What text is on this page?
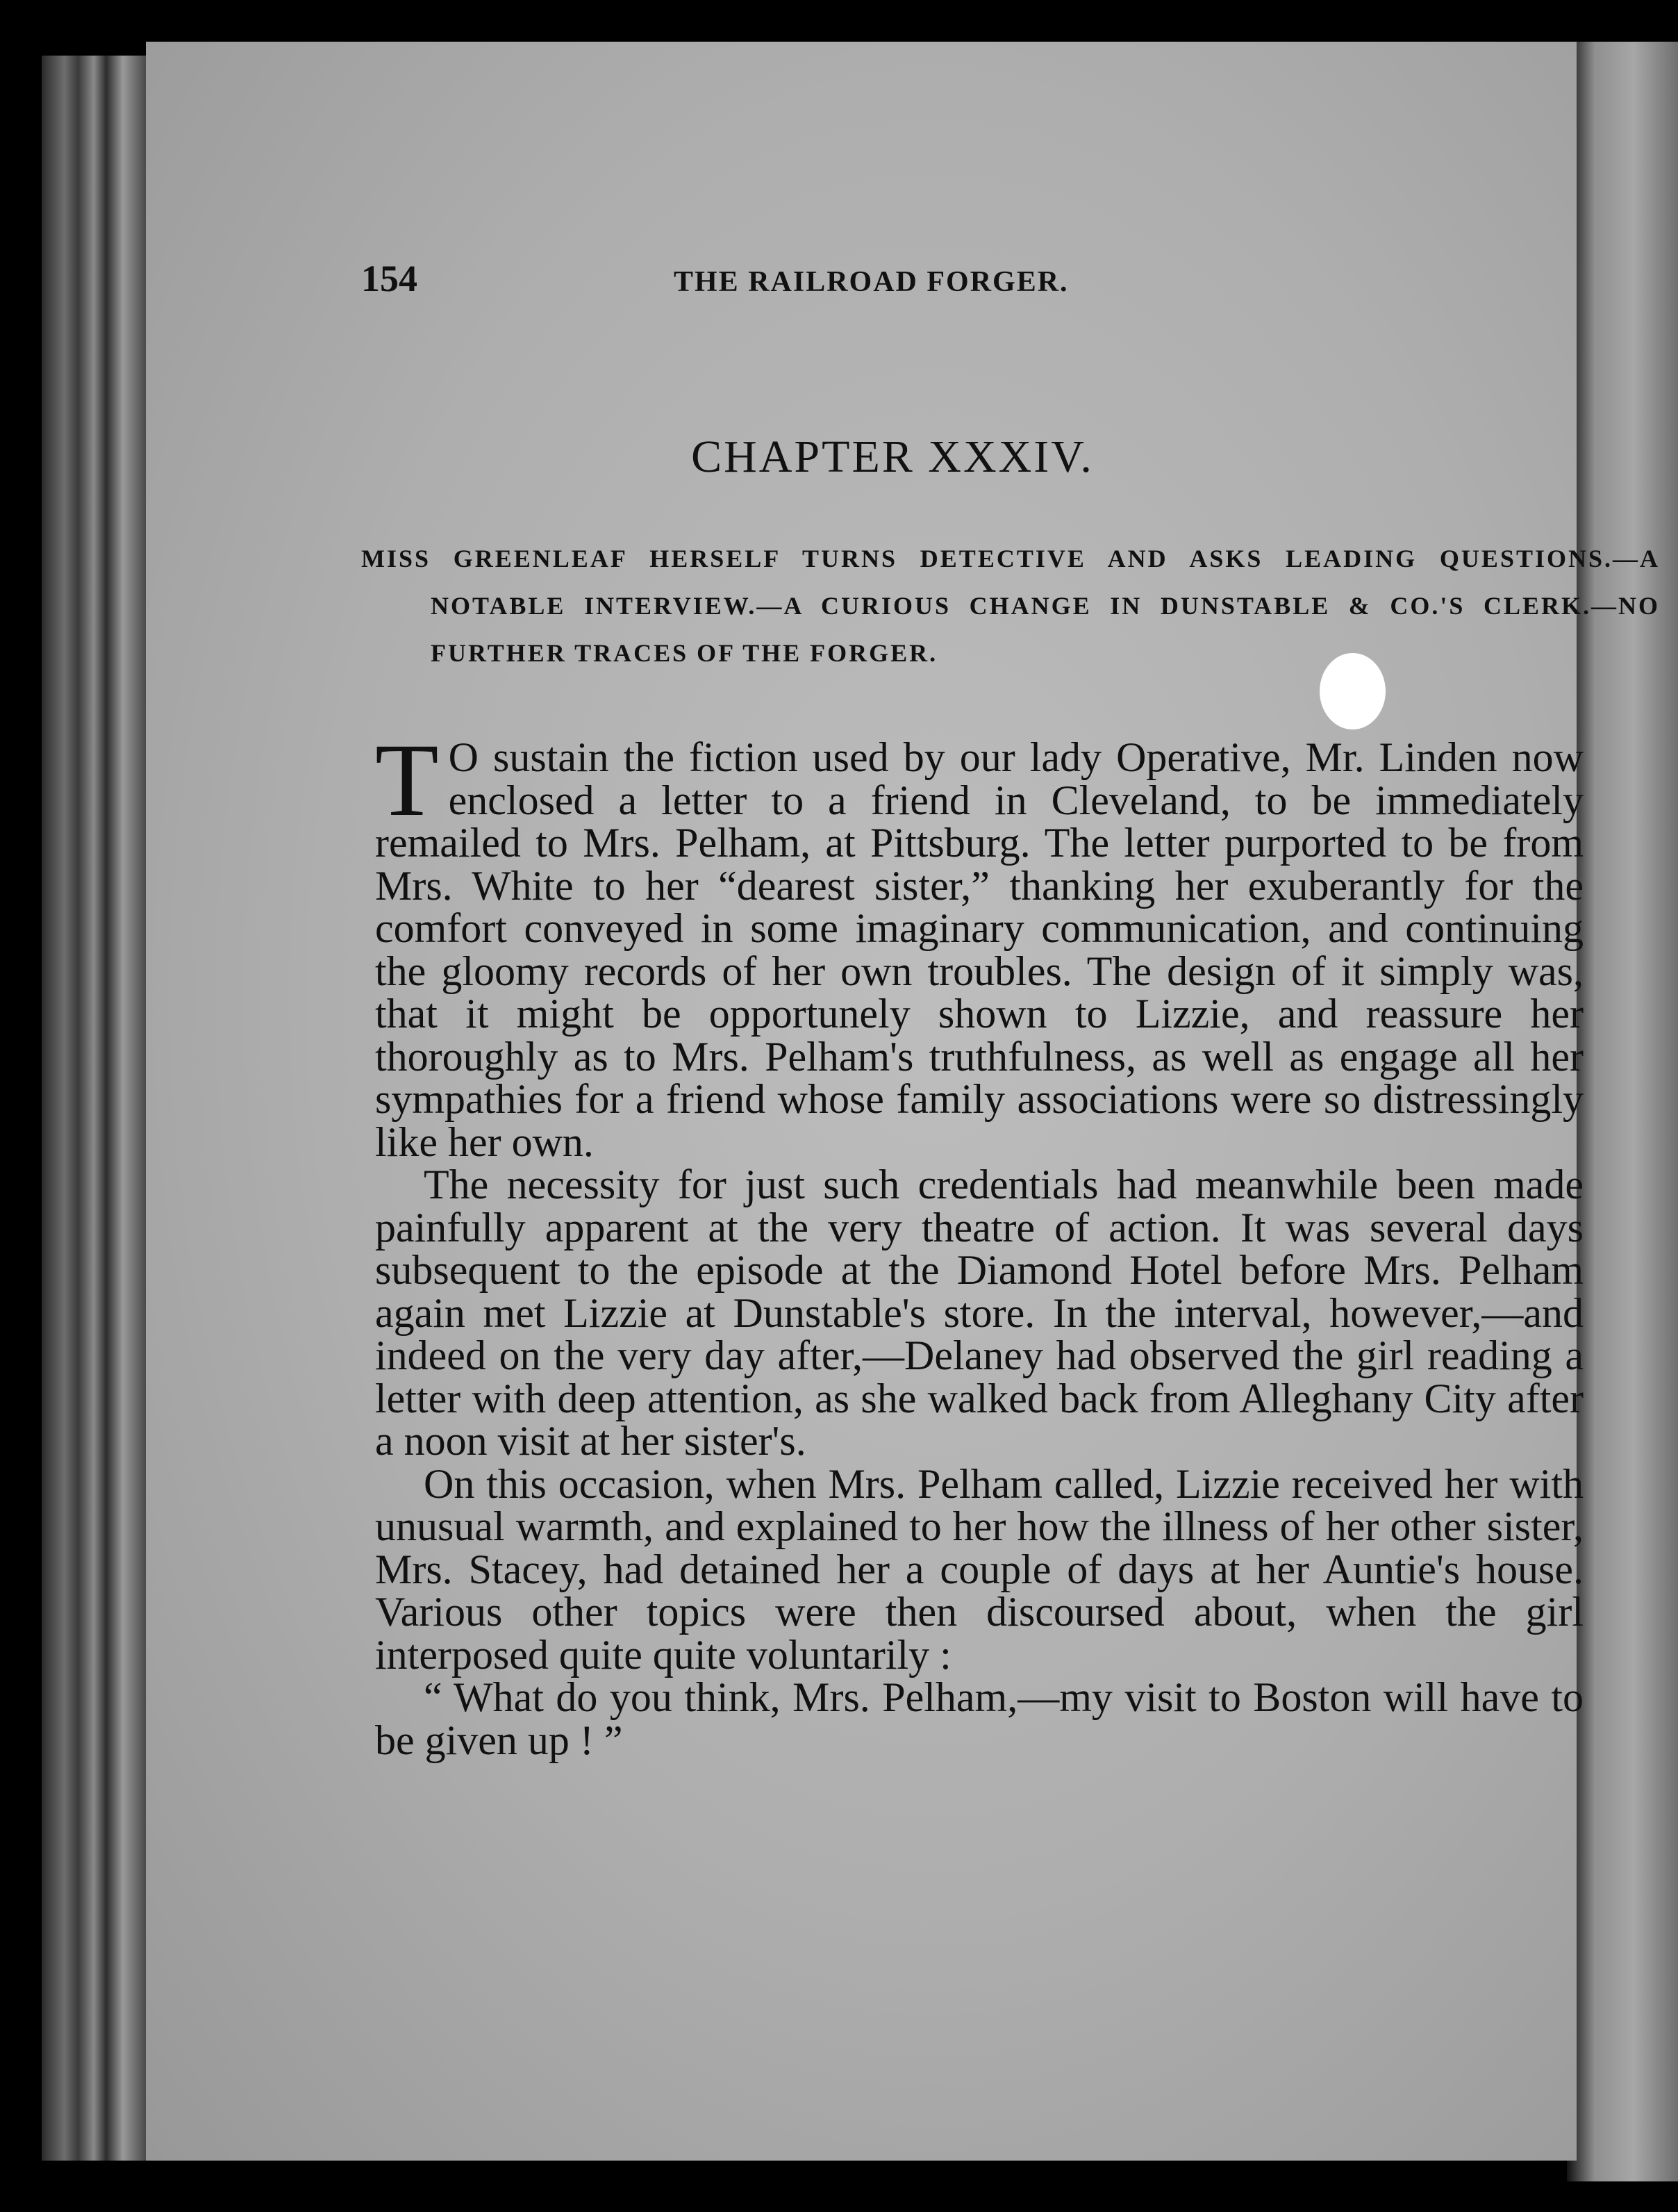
154	THE RAILROAD FORGER.
CHAPTER XXXIV.
MISS GREENLEAF HERSELF TURNS DETECTIVE AND ASKS LEADING QUESTIONS.—A NOTABLE INTERVIEW.—A CURIOUS CHANGE IN DUNSTABLE & CO.'S CLERK.—NO FURTHER TRACES OF THE FORGER.

T O sustain the fiction used by our lady Operative, Mr. Linden now enclosed a letter to a friend in Cleveland, to be immediately remailed to Mrs. Pelham, at Pittsburg. The letter purported to be from Mrs. White to her “dearest sister,” thanking her exuberantly for the comfort conveyed in some imaginary communication, and continuing the gloomy records of her own troubles. The design of it simply was, that it might be opportunely shown to Lizzie, and reassure her thoroughly as to Mrs. Pelham's truthfulness, as well as engage all her sympathies for a friend whose family associations were so distressingly like her own.

The necessity for just such credentials had meanwhile been made painfully apparent at the very theatre of action. It was several days subsequent to the episode at the Diamond Hotel before Mrs. Pelham again met Lizzie at Dunstable's store. In the interval, however,—and indeed on the very day after,—Delaney had observed the girl reading a letter with deep attention, as she walked back from Alleghany City after a noon visit at her sister's.

On this occasion, when Mrs. Pelham called, Lizzie received her with unusual warmth, and explained to her how the illness of her other sister, Mrs. Stacey, had detained her a couple of days at her Auntie's house. Various other topics were then discoursed about, when the girl interposed quite quite voluntarily :

“ What do you think, Mrs. Pelham,—my visit to Boston will have to be given up ! ”
